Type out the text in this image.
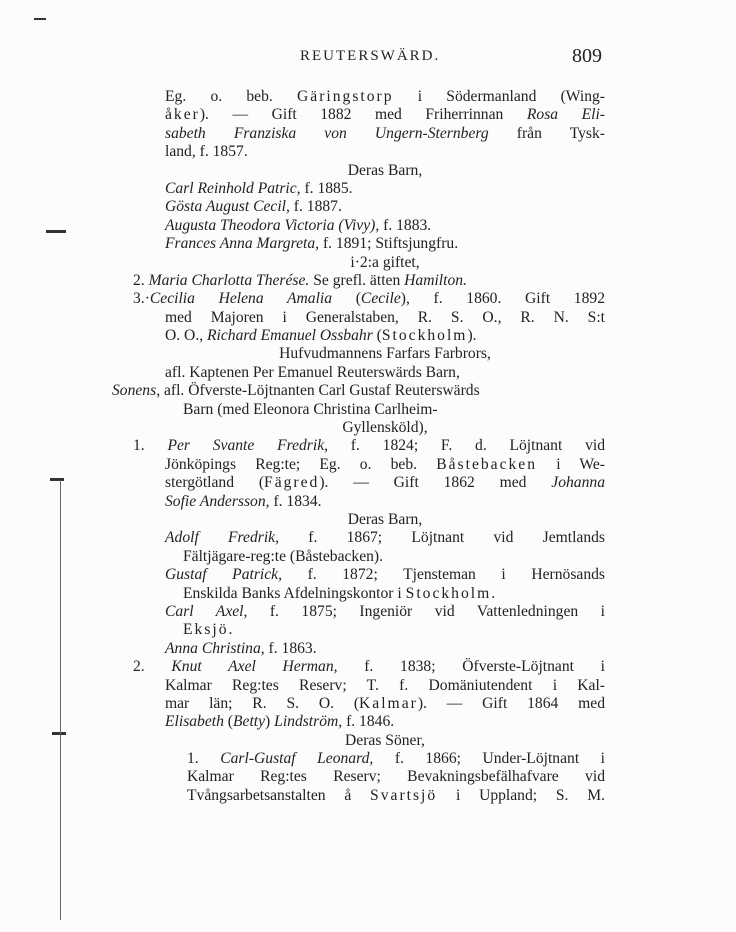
REUTERSWÄRD.	809
Eg. o. beb. Gäringstorp i Södermanland (Wing-
åker). — Gift 1882 med Friherrinnan Rosa Eli-
sabeth Franziska von Ungern-Sternberg från Tysk-
land, f. 1857.
Deras Barn,
Carl Reinhold Patric, f. 1885.
Gösta August Cecil, f. 1887.
Augusta Theodora Victoria (Vivy), f. 1883.
Frances Anna Margreta, f. 1891; Stiftsjungfru.
i·2:a giftet,
2. Maria Charlotta Therése. Se grefl. ätten Hamilton.
3.·Cecilia Helena Amalia (Cecile), f. 1860. Gift 1892
med Majoren i Generalstaben, R. S. O., R. N. S:t
O. O., Richard Emanuel Ossbahr (Stockholm).
Hufvudmannens Farfars Farbrors,
afl. Kaptenen Per Emanuel Reuterswärds Barn,
Sonens, afl. Öfverste-Löjtnanten Carl Gustaf Reuterswärds
Barn (med Eleonora Christina Carlheim-
Gyllensköld),
1. Per Svante Fredrik, f. 1824; F. d. Löjtnant vid
Jönköpings Reg:te; Eg. o. beb. Båstebacken i We-
stergötland (Fägred). — Gift 1862 med Johanna
Sofie Andersson, f. 1834.
Deras Barn,
Adolf Fredrik, f. 1867; Löjtnant vid Jemtlands
Fältjägare-reg:te (Båstebacken).
Gustaf Patrick, f. 1872; Tjensteman i Hernösands
Enskilda Banks Afdelningskontor i Stockholm.
Carl Axel, f. 1875; Ingeniör vid Vattenledningen i
Eksjö.
Anna Christina, f. 1863.
2. Knut Axel Herman, f. 1838; Öfverste-Löjtnant i
Kalmar Reg:tes Reserv; T. f. Domäniutendent i Kal-
mar län; R. S. O. (Kalmar). — Gift 1864 med
Elisabeth (Betty) Lindström, f. 1846.
Deras Söner,
1. Carl-Gustaf Leonard, f. 1866; Under-Löjtnant i
Kalmar Reg:tes Reserv; Bevakningsbefälhafvare vid
Tvångsarbetsanstalten å Svartsjö i Uppland; S. M.
